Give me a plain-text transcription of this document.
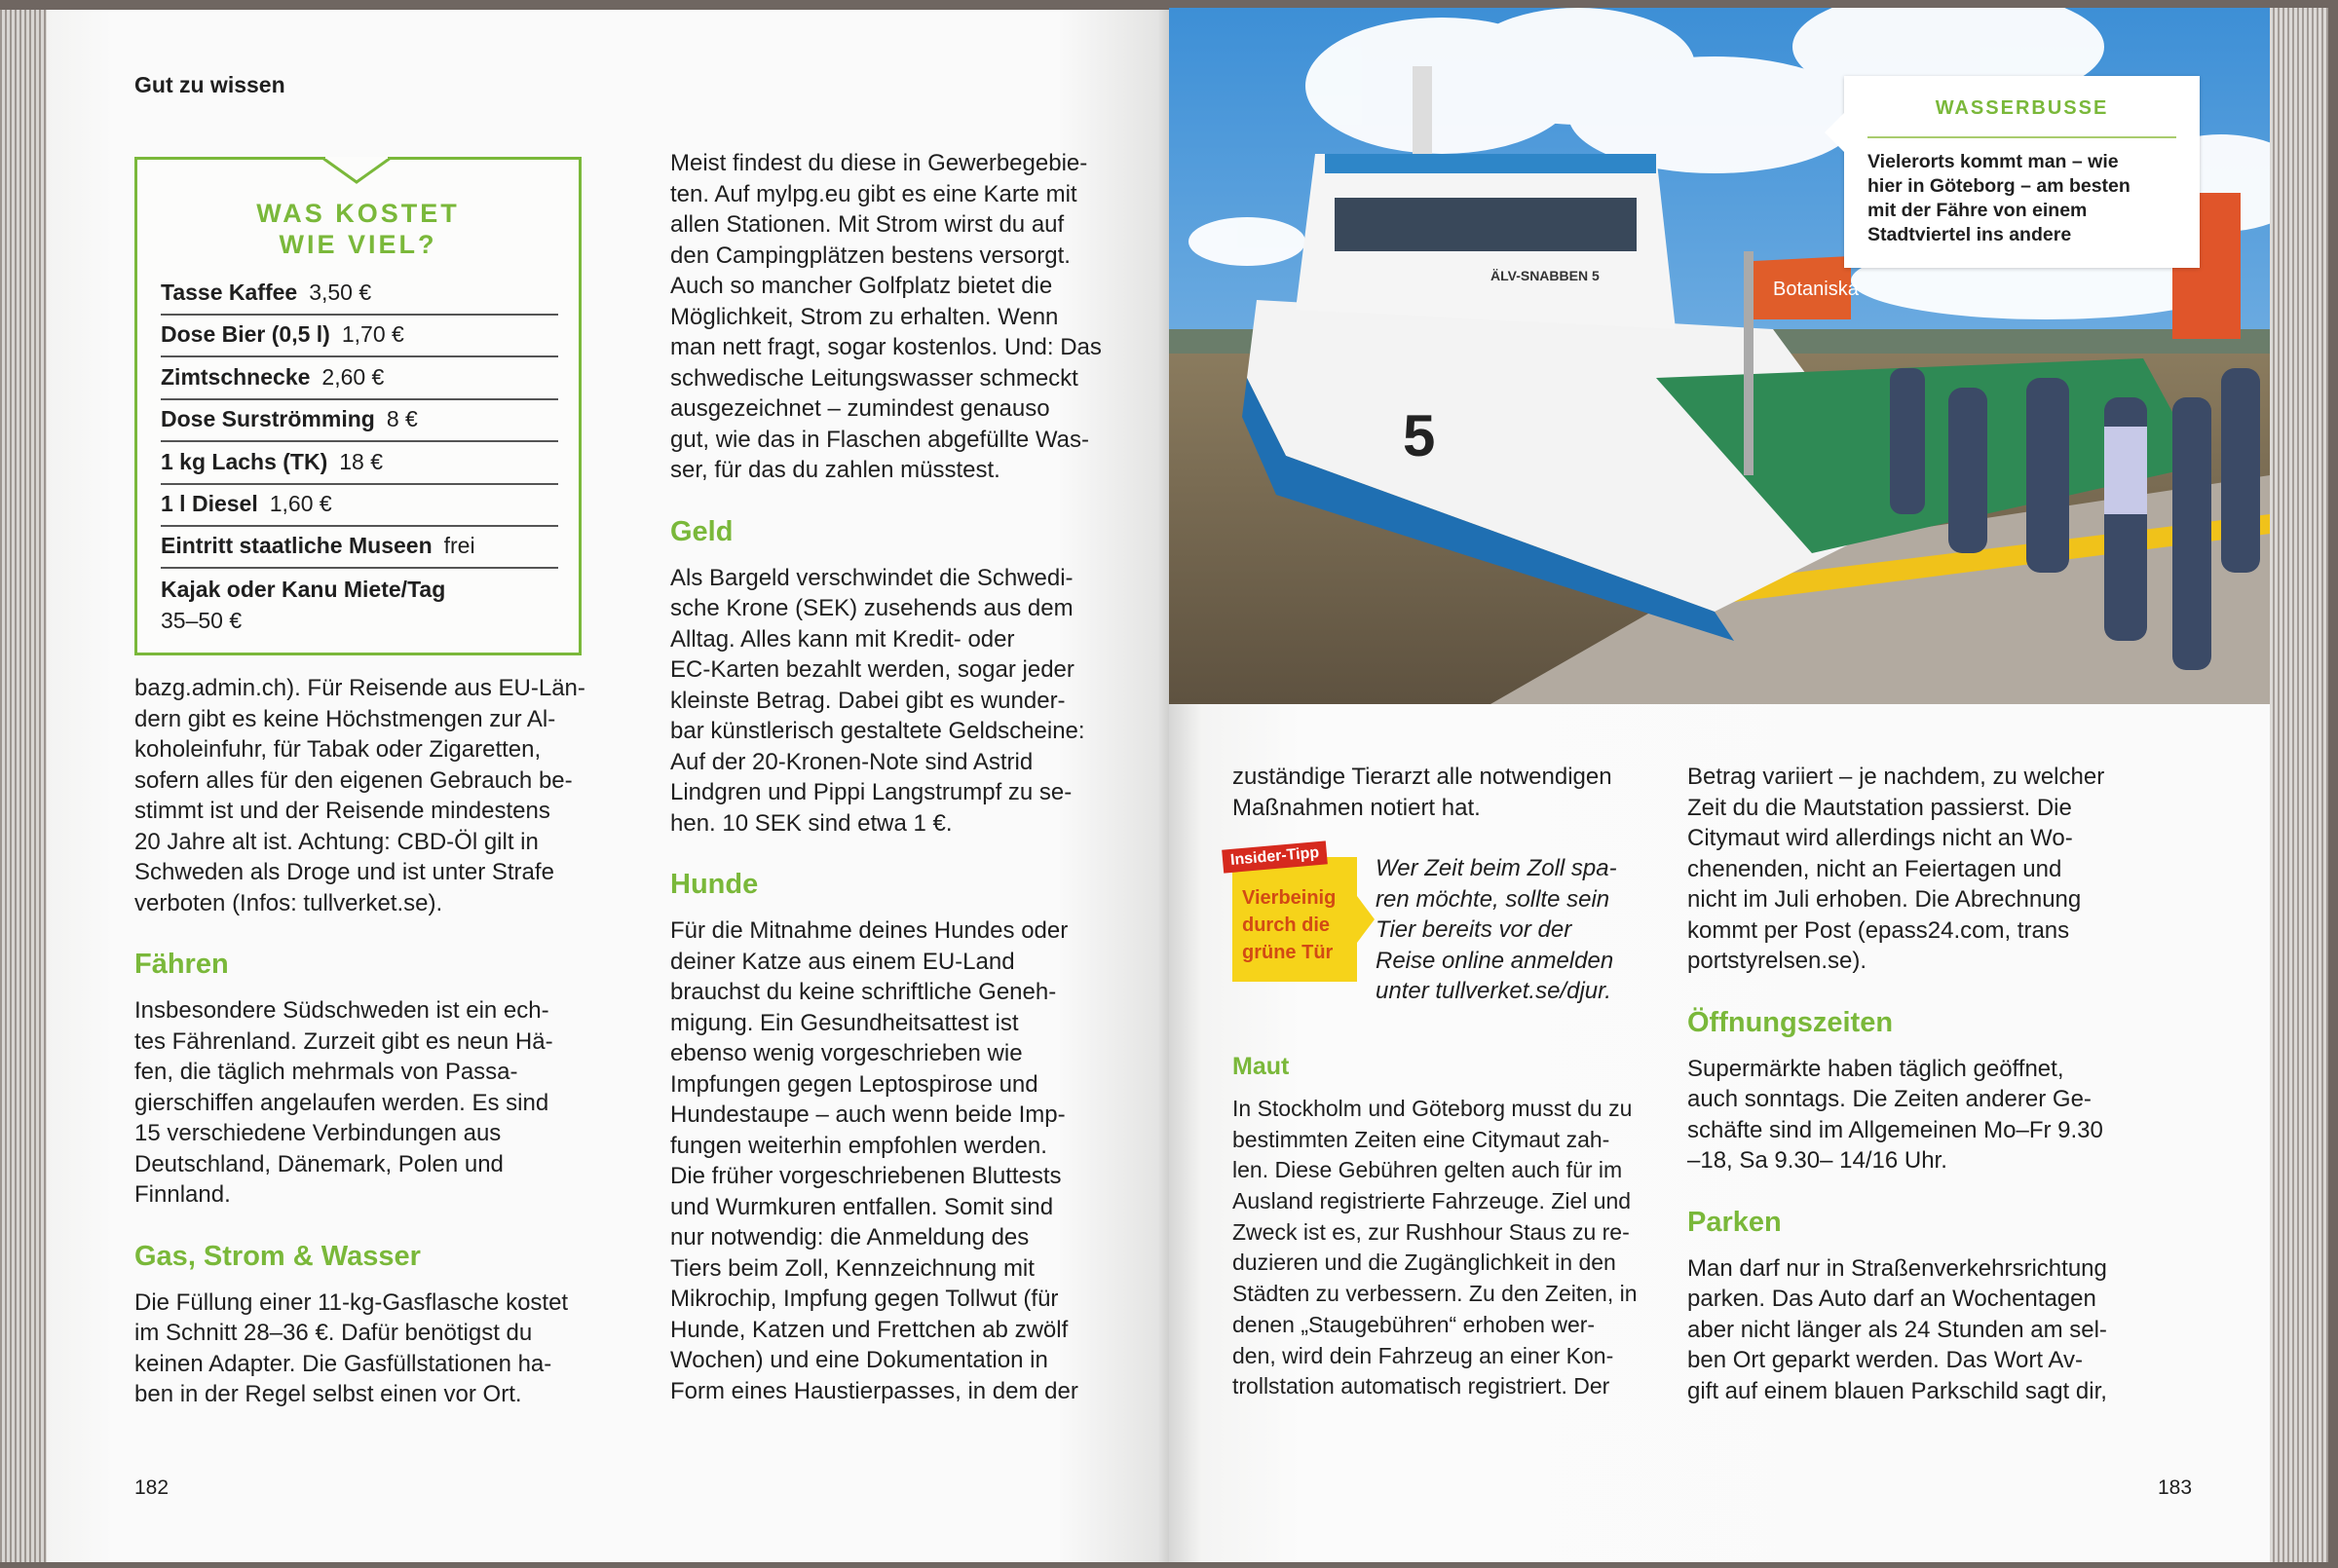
Gut zu wissen
WAS KOSTET
WIE VIEL?
Tasse Kaffee 3,50 €
Dose Bier (0,5 l) 1,70 €
Zimtschnecke 2,60 €
Dose Surströmming 8 €
1 kg Lachs (TK) 18 €
1 l Diesel 1,60 €
Eintritt staatliche Museen frei
Kajak oder Kanu Miete/Tag
35–50 €
bazg.admin.ch). Für Reisende aus EU-Län-
dern gibt es keine Höchstmengen zur Al-
koholeinfuhr, für Tabak oder Zigaretten,
sofern alles für den eigenen Gebrauch be-
stimmt ist und der Reisende mindestens
20 Jahre alt ist. Achtung: CBD-Öl gilt in
Schweden als Droge und ist unter Strafe
verboten (Infos: tullverket.se).
Fähren
Insbesondere Südschweden ist ein ech-
tes Fährenland. Zurzeit gibt es neun Hä-
fen, die täglich mehrmals von Passa-
gierschiffen angelaufen werden. Es sind
15 verschiedene Verbindungen aus
Deutschland, Dänemark, Polen und
Finnland.
Gas, Strom & Wasser
Die Füllung einer 11-kg-Gasflasche kostet
im Schnitt 28–36 €. Dafür benötigst du
keinen Adapter. Die Gasfüllstationen ha-
ben in der Regel selbst einen vor Ort.
Meist findest du diese in Gewerbegebie-
ten. Auf mylpg.eu gibt es eine Karte mit
allen Stationen. Mit Strom wirst du auf
den Campingplätzen bestens versorgt.
Auch so mancher Golfplatz bietet die
Möglichkeit, Strom zu erhalten. Wenn
man nett fragt, sogar kostenlos. Und: Das
schwedische Leitungswasser schmeckt
ausgezeichnet – zumindest genauso
gut, wie das in Flaschen abgefüllte Was-
ser, für das du zahlen müsstest.
Geld
Als Bargeld verschwindet die Schwedi-
sche Krone (SEK) zusehends aus dem
Alltag. Alles kann mit Kredit- oder
EC-Karten bezahlt werden, sogar jeder
kleinste Betrag. Dabei gibt es wunder-
bar künstlerisch gestaltete Geldscheine:
Auf der 20-Kronen-Note sind Astrid
Lindgren und Pippi Langstrumpf zu se-
hen. 10 SEK sind etwa 1 €.
Hunde
Für die Mitnahme deines Hundes oder
deiner Katze aus einem EU-Land
brauchst du keine schriftliche Geneh-
migung. Ein Gesundheitsattest ist
ebenso wenig vorgeschrieben wie
Impfungen gegen Leptospirose und
Hundestaupe – auch wenn beide Imp-
fungen weiterhin empfohlen werden.
Die früher vorgeschriebenen Bluttests
und Wurmkuren entfallen. Somit sind
nur notwendig: die Anmeldung des
Tiers beim Zoll, Kennzeichnung mit
Mikrochip, Impfung gegen Tollwut (für
Hunde, Katzen und Frettchen ab zwölf
Wochen) und eine Dokumentation in
Form eines Haustierpasses, in dem der
182
Botaniska
ÄLV-SNABBEN 5
5
WASSERBUSSE
Vielerorts kommt man – wie
hier in Göteborg – am besten
mit der Fähre von einem
Stadtviertel ins andere
zuständige Tierarzt alle notwendigen
Maßnahmen notiert hat.
Insider-Tipp
Vierbeinig
durch die
grüne Tür
Wer Zeit beim Zoll spa-
ren möchte, sollte sein
Tier bereits vor der
Reise online anmelden
unter tullverket.se/djur.
Maut
In Stockholm und Göteborg musst du zu
bestimmten Zeiten eine Citymaut zah-
len. Diese Gebühren gelten auch für im
Ausland registrierte Fahrzeuge. Ziel und
Zweck ist es, zur Rushhour Staus zu re-
duzieren und die Zugänglichkeit in den
Städten zu verbessern. Zu den Zeiten, in
denen „Staugebühren“ erhoben wer-
den, wird dein Fahrzeug an einer Kon-
trollstation automatisch registriert. Der
Betrag variiert – je nachdem, zu welcher
Zeit du die Mautstation passierst. Die
Citymaut wird allerdings nicht an Wo-
chenenden, nicht an Feiertagen und
nicht im Juli erhoben. Die Abrechnung
kommt per Post (epass24.com, trans
portstyrelsen.se).
Öffnungszeiten
Supermärkte haben täglich geöffnet,
auch sonntags. Die Zeiten anderer Ge-
schäfte sind im Allgemeinen Mo–Fr 9.30
–18, Sa 9.30– 14/16 Uhr.
Parken
Man darf nur in Straßenverkehrsrichtung
parken. Das Auto darf an Wochentagen
aber nicht länger als 24 Stunden am sel-
ben Ort geparkt werden. Das Wort Av-
gift auf einem blauen Parkschild sagt dir,
183
